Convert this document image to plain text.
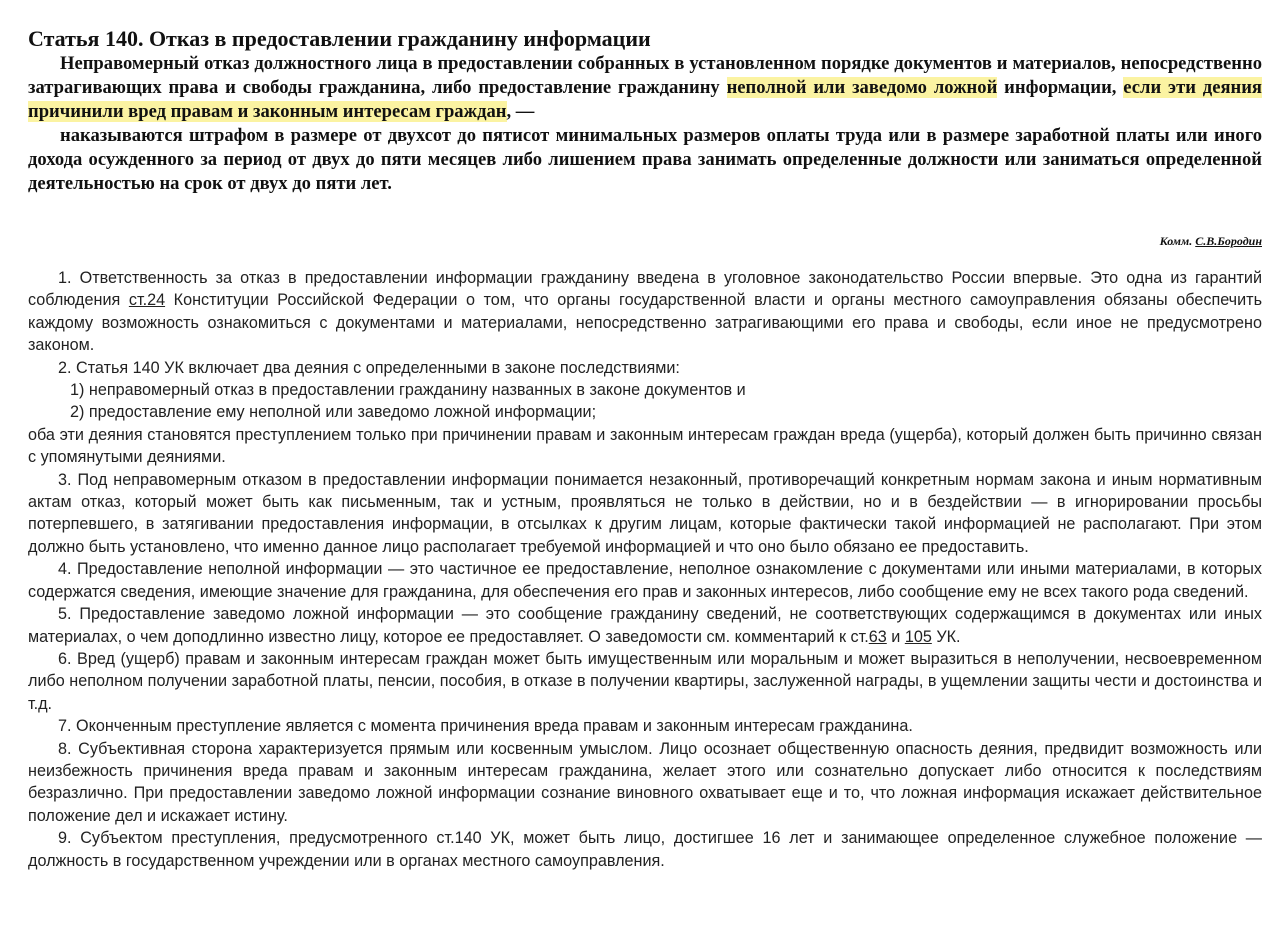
Статья 140. Отказ в предоставлении гражданину информации

Неправомерный отказ должностного лица в предоставлении собранных в установленном порядке документов и материалов, непосредственно затрагивающих права и свободы гражданина, либо предоставление гражданину неполной или заведомо ложной информации, если эти деяния причинили вред правам и законным интересам граждан, —

наказываются штрафом в размере от двухсот до пятисот минимальных размеров оплаты труда или в размере заработной платы или иного дохода осужденного за период от двух до пяти месяцев либо лишением права занимать определенные должности или заниматься определенной деятельностью на срок от двух до пяти лет.

Комм. С.В.Бородин

1. Ответственность за отказ в предоставлении информации гражданину введена в уголовное законодательство России впервые. Это одна из гарантий соблюдения ст.24 Конституции Российской Федерации о том, что органы государственной власти и органы местного самоуправления обязаны обеспечить каждому возможность ознакомиться с документами и материалами, непосредственно затрагивающими его права и свободы, если иное не предусмотрено законом.

2. Статья 140 УК включает два деяния с определенными в законе последствиями:

1) неправомерный отказ в предоставлении гражданину названных в законе документов и

2) предоставление ему неполной или заведомо ложной информации;

оба эти деяния становятся преступлением только при причинении правам и законным интересам граждан вреда (ущерба), который должен быть причинно связан с упомянутыми деяниями.

3. Под неправомерным отказом в предоставлении информации понимается незаконный, противоречащий конкретным нормам закона и иным нормативным актам отказ, который может быть как письменным, так и устным, проявляться не только в действии, но и в бездействии — в игнорировании просьбы потерпевшего, в затягивании предоставления информации, в отсылках к другим лицам, которые фактически такой информацией не располагают. При этом должно быть установлено, что именно данное лицо располагает требуемой информацией и что оно было обязано ее предоставить.

4. Предоставление неполной информации — это частичное ее предоставление, неполное ознакомление с документами или иными материалами, в которых содержатся сведения, имеющие значение для гражданина, для обеспечения его прав и законных интересов, либо сообщение ему не всех такого рода сведений.

5. Предоставление заведомо ложной информации — это сообщение гражданину сведений, не соответствующих содержащимся в документах или иных материалах, о чем доподлинно известно лицу, которое ее предоставляет. О заведомости см. комментарий к ст.63 и 105 УК.

6. Вред (ущерб) правам и законным интересам граждан может быть имущественным или моральным и может выразиться в неполучении, несвоевременном либо неполном получении заработной платы, пенсии, пособия, в отказе в получении квартиры, заслуженной награды, в ущемлении защиты чести и достоинства и т.д.

7. Оконченным преступление является с момента причинения вреда правам и законным интересам гражданина.

8. Субъективная сторона характеризуется прямым или косвенным умыслом. Лицо осознает общественную опасность деяния, предвидит возможность или неизбежность причинения вреда правам и законным интересам гражданина, желает этого или сознательно допускает либо относится к последствиям безразлично. При предоставлении заведомо ложной информации сознание виновного охватывает еще и то, что ложная информация искажает действительное положение дел и искажает истину.

9. Субъектом преступления, предусмотренного ст.140 УК, может быть лицо, достигшее 16 лет и занимающее определенное служебное положение — должность в государственном учреждении или в органах местного самоуправления.
